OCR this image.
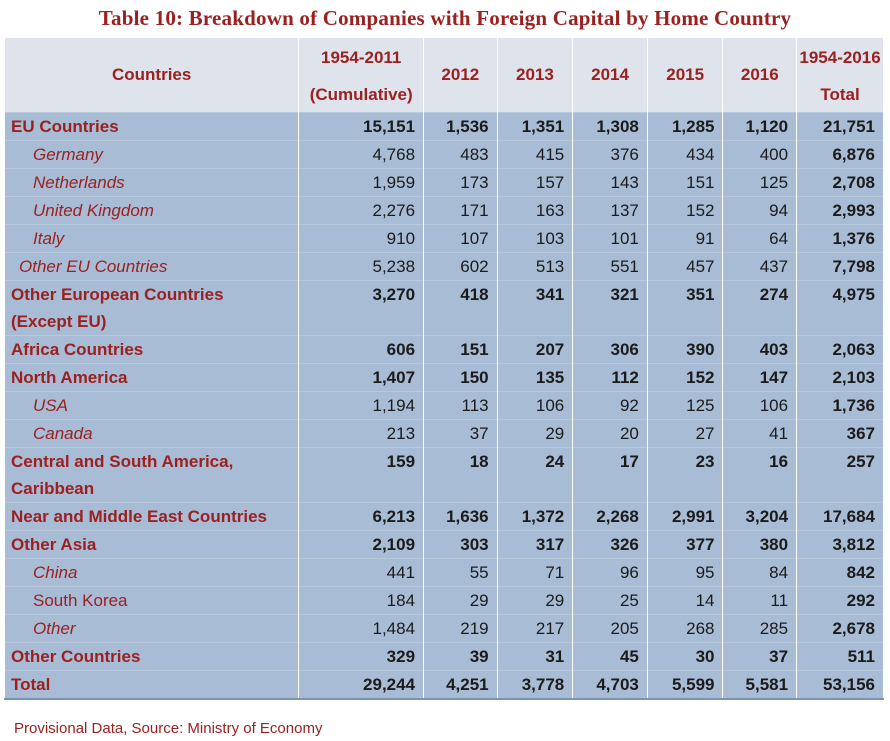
Table 10: Breakdown of Companies with Foreign Capital by Home Country
Countries	1954-2011	2012	2013	2014	2015	2016	1954-2016
	(Cumulative)						Total

EU Countries	15,151	1,536	1,351	1,308	1,285	1,120	21,751

Germany	4,768	483	415	376	434	400	6,876

Netherlands	1,959	173	157	143	151	125	2,708

United Kingdom	2,276	171	163	137	152	94	2,993

Italy	910	107	103	101	91	64	1,376

Other EU Countries	5,238	602	513	551	457	437	7,798

Other European Countries
(Except EU)	3,270	418	341	321	351	274	4,975

Africa Countries	606	151	207	306	390	403	2,063

North America	1,407	150	135	112	152	147	2,103

USA	1,194	113	106	92	125	106	1,736

Canada	213	37	29	20	27	41	367

Central and South America,
Caribbean	159	18	24	17	23	16	257

Near and Middle East Countries	6,213	1,636	1,372	2,268	2,991	3,204	17,684

Other Asia	2,109	303	317	326	377	380	3,812

China	441	55	71	96	95	84	842

South Korea	184	29	29	25	14	11	292

Other	1,484	219	217	205	268	285	2,678

Other Countries	329	39	31	45	30	37	511

Total	29,244	4,251	3,778	4,703	5,599	5,581	53,156
Provisional Data, Source: Ministry of Economy
